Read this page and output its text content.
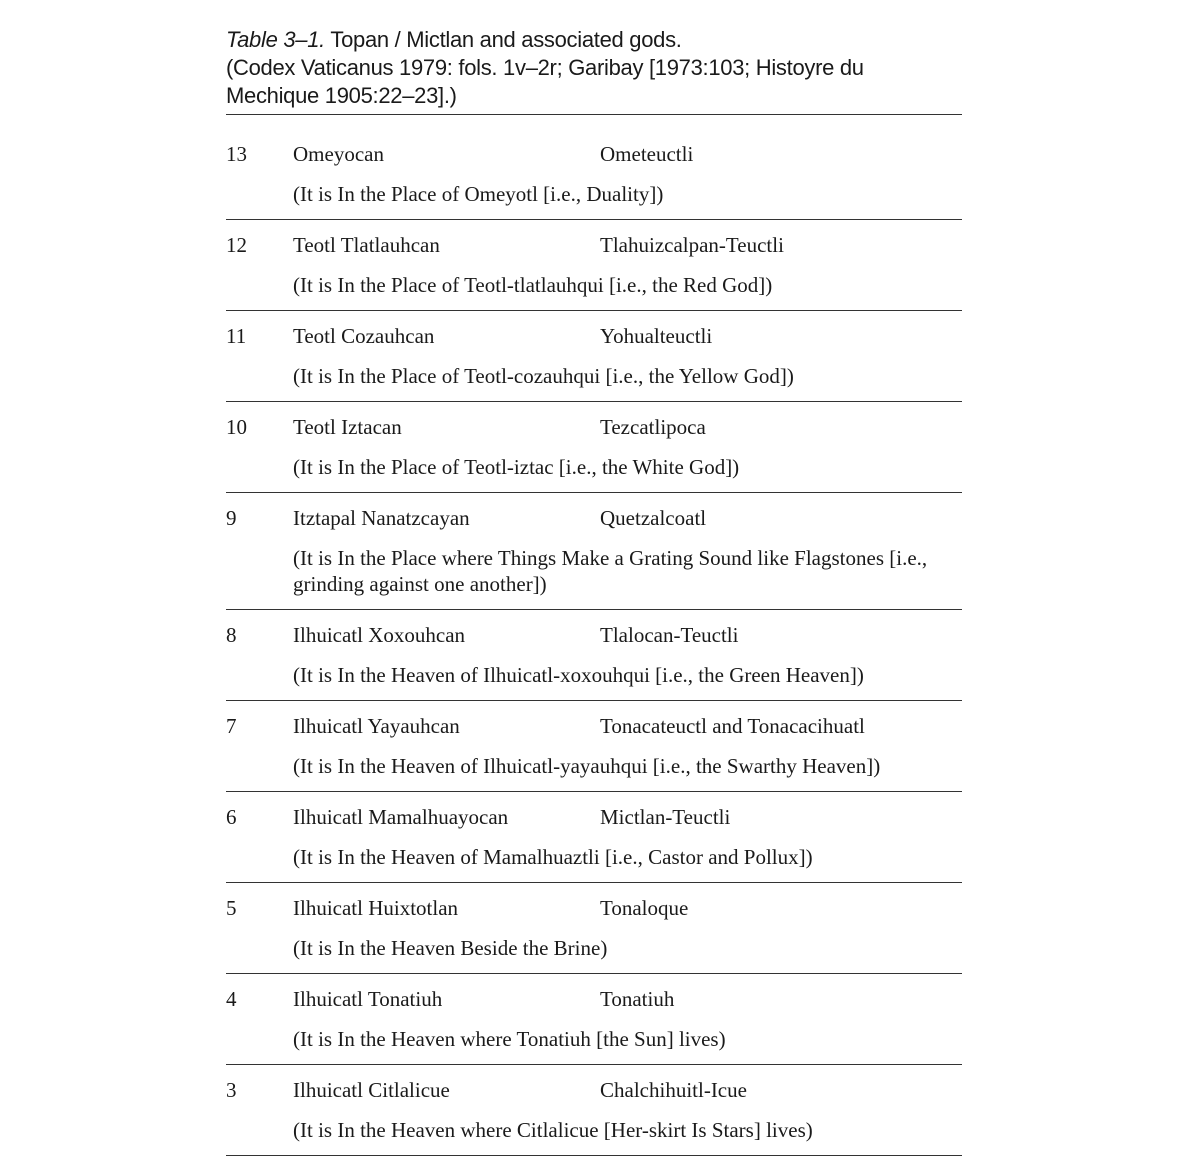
Table 3–1. Topan / Mictlan and associated gods.
(Codex Vaticanus 1979: fols. 1v–2r; Garibay [1973:103; Histoyre du Mechique 1905:22–23].)
13 Omeyocan	Ometeuctli
(It is In the Place of Omeyotl [i.e., Duality])
12 Teotl Tlatlauhcan	Tlahuizcalpan-Teuctli
(It is In the Place of Teotl-tlatlauhqui [i.e., the Red God])
11 Teotl Cozauhcan	Yohualteuctli
(It is In the Place of Teotl-cozauhqui [i.e., the Yellow God])
10 Teotl Iztacan	Tezcatlipoca
(It is In the Place of Teotl-iztac [i.e., the White God])
9	Itztapal Nanatzcayan	Quetzalcoatl
(It is In the Place where Things Make a Grating Sound like Flagstones [i.e., grinding against one another])
8	Ilhuicatl Xoxouhcan	Tlalocan-Teuctli
(It is In the Heaven of Ilhuicatl-xoxouhqui [i.e., the Green Heaven])
7	Ilhuicatl Yayauhcan	Tonacateuctl and Tonacacihuatl
(It is In the Heaven of Ilhuicatl-yayauhqui [i.e., the Swarthy Heaven])
6	Ilhuicatl Mamalhuayocan	Mictlan-Teuctli
(It is In the Heaven of Mamalhuaztli [i.e., Castor and Pollux])
5	Ilhuicatl Huixtotlan	Tonaloque
(It is In the Heaven Beside the Brine)
4	Ilhuicatl Tonatiuh	Tonatiuh
(It is In the Heaven where Tonatiuh [the Sun] lives)
3	Ilhuicatl Citlalicue	Chalchihuitl-Icue
(It is In the Heaven where Citlalicue [Her-skirt Is Stars] lives)
